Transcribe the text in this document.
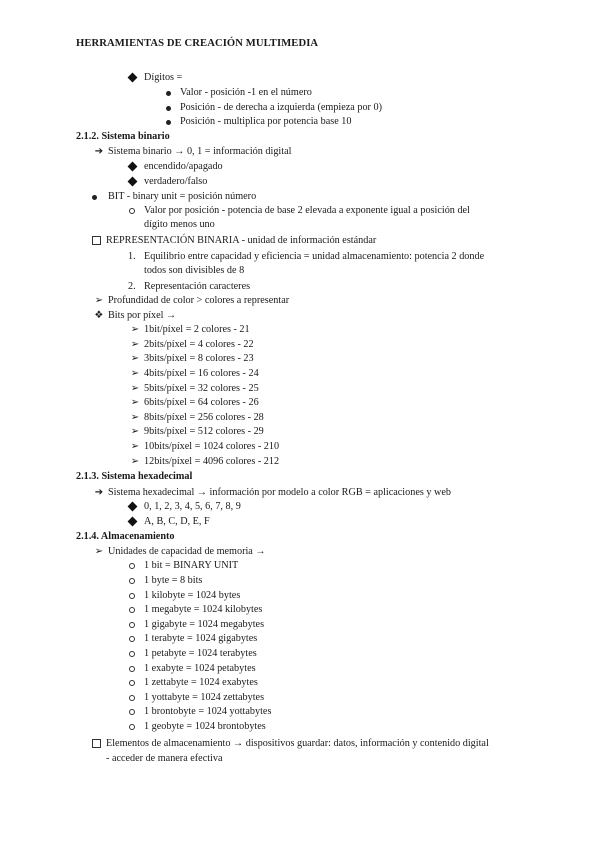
HERRAMIENTAS DE CREACIÓN MULTIMEDIA
Dígitos =
Valor - posición -1 en el número
Posición - de derecha a izquierda (empieza por 0)
Posición - multiplica por potencia base 10
2.1.2. Sistema binario
➔ Sistema binario → 0, 1 = información digital
encendido/apagado
verdadero/falso
BIT - binary unit = posición número
Valor por posición - potencia de base 2 elevada a exponente igual a posición del
dígito menos uno
REPRESENTACIÓN BINARIA - unidad de información estándar
1. Equilibrio entre capacidad y eficiencia = unidad almacenamiento: potencia 2 donde
todos son divisibles de 8
2. Representación caracteres
➢ Profundidad de color > colores a representar
❖ Bits por píxel →
➢ 1bit/píxel = 2 colores - 21
➢ 2bits/píxel = 4 colores - 22
➢ 3bits/píxel = 8 colores - 23
➢ 4bits/píxel = 16 colores - 24
➢ 5bits/píxel = 32 colores - 25
➢ 6bits/píxel = 64 colores - 26
➢ 8bits/píxel = 256 colores - 28
➢ 9bits/píxel = 512 colores - 29
➢ 10bits/píxel = 1024 colores - 210
➢ 12bits/píxel = 4096 colores - 212
2.1.3. Sistema hexadecimal
➔ Sistema hexadecimal → información por modelo a color RGB = aplicaciones y web
0, 1, 2, 3, 4, 5, 6, 7, 8, 9
A, B, C, D, E, F
2.1.4. Almacenamiento
➢ Unidades de capacidad de memoria →
1 bit = BINARY UNIT
1 byte = 8 bits
1 kilobyte = 1024 bytes
1 megabyte = 1024 kilobytes
1 gigabyte = 1024 megabytes
1 terabyte = 1024 gigabytes
1 petabyte = 1024 terabytes
1 exabyte = 1024 petabytes
1 zettabyte = 1024 exabytes
1 yottabyte = 1024 zettabytes
1 brontobyte = 1024 yottabytes
1 geobyte = 1024 brontobytes
Elementos de almacenamiento → dispositivos guardar: datos, información y contenido digital
- acceder de manera efectiva
